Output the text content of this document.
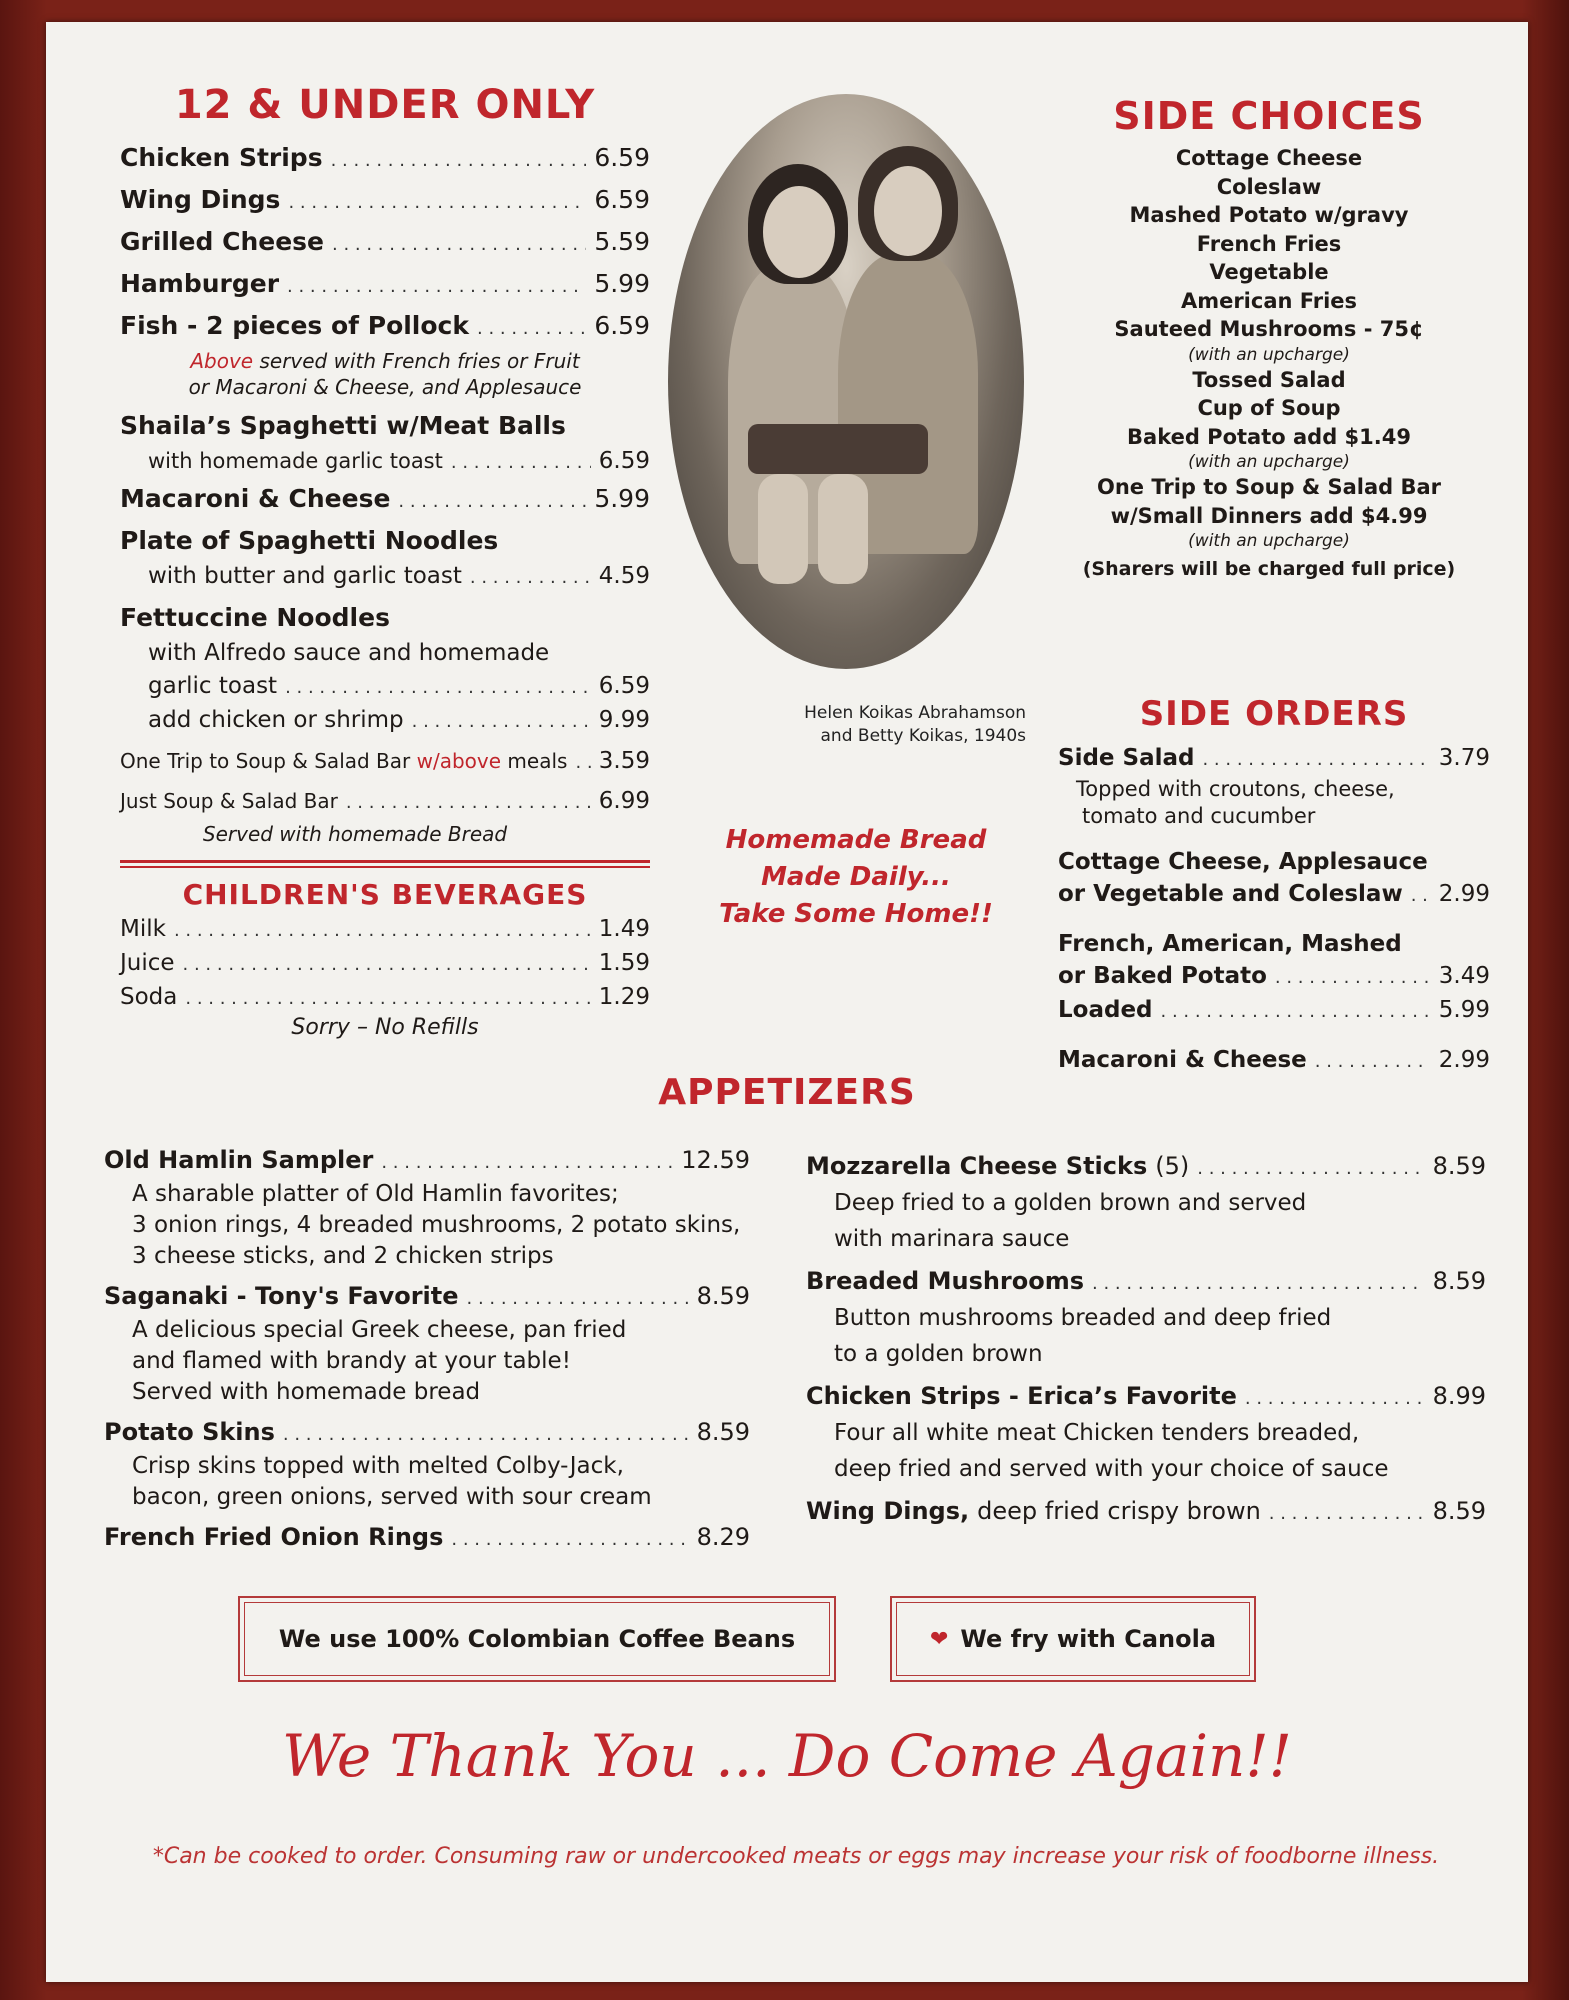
12 & UNDER ONLY
Chicken Strips . . .	6.59
Wing Dings . . .	6.59
Grilled Cheese . . .	5.59
Hamburger . . .	5.99
Fish - 2 pieces of Pollock . . .	6.59
Above served with French fries or Fruit
or Macaroni & Cheese, and Applesauce
Shaila’s Spaghetti w/Meat Balls
with homemade garlic toast . . .	6.59
Macaroni & Cheese . . .	5.99
Plate of Spaghetti Noodles
with butter and garlic toast . . .	4.59
Fettuccine Noodles
with Alfredo sauce and homemade
garlic toast . . .	6.59
add chicken or shrimp . . .	9.99
One Trip to Soup & Salad Bar w/above meals . . . 3.59
Just Soup & Salad Bar . . .	6.99
Served with homemade Bread
CHILDREN'S BEVERAGES
Milk . . .	1.49
Juice . . .	1.59
Soda . . .	1.29
Sorry – No Refills
Helen Koikas Abrahamson
and Betty Koikas, 1940s
Homemade Bread
Made Daily...
Take Some Home!!
SIDE CHOICES
Cottage Cheese
Coleslaw
Mashed Potato w/gravy
French Fries
Vegetable
American Fries
Sauteed Mushrooms - 75¢
(with an upcharge)
Tossed Salad
Cup of Soup
Baked Potato add $1.49
(with an upcharge)
One Trip to Soup & Salad Bar
w/Small Dinners add $4.99
(with an upcharge)
(Sharers will be charged full price)
SIDE ORDERS
Side Salad . . .	3.79
Topped with croutons, cheese,
tomato and cucumber
Cottage Cheese, Applesauce
or Vegetable and Coleslaw . . . 2.99
French, American, Mashed
or Baked Potato . . .	3.49
Loaded . . .	5.99
Macaroni & Cheese . . .	2.99
APPETIZERS
Old Hamlin Sampler . . .	12.59
A sharable platter of Old Hamlin favorites;
3 onion rings, 4 breaded mushrooms, 2 potato skins,
3 cheese sticks, and 2 chicken strips
Saganaki - Tony's Favorite . . .	8.59
A delicious special Greek cheese, pan fried
and flamed with brandy at your table!
Served with homemade bread
Potato Skins . . .	8.59
Crisp skins topped with melted Colby-Jack,
bacon, green onions, served with sour cream
French Fried Onion Rings . . .	8.29
Mozzarella Cheese Sticks (5) . . .	8.59
Deep fried to a golden brown and served
with marinara sauce
Breaded Mushrooms . . .	8.59
Button mushrooms breaded and deep fried
to a golden brown
Chicken Strips - Erica’s Favorite . . .	8.99
Four all white meat Chicken tenders breaded,
deep fried and served with your choice of sauce
Wing Dings, deep fried crispy brown . . .	8.59
We use 100% Colombian Coffee Beans	❤ We fry with Canola
We Thank You ... Do Come Again!!
*Can be cooked to order. Consuming raw or undercooked meats or eggs may increase your risk of foodborne illness.
